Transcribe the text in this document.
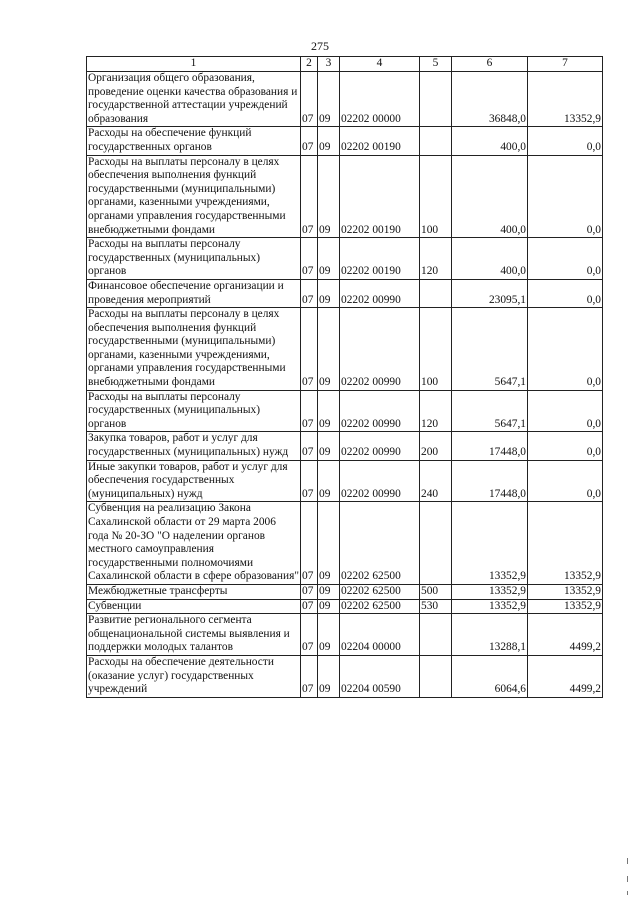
275
1	2	3	4	5	6	7
Организация общего образования, проведение оценки качества образования и государственной аттестации учреждений образования	07	09	02202 00000		36848,0	13352,9
Расходы на обеспечение функций государственных органов	07	09	02202 00190		400,0	0,0
Расходы на выплаты персоналу в целях обеспечения выполнения функций государственными (муниципальными) органами, казенными учреждениями, органами управления государственными внебюджетными фондами	07	09	02202 00190	100	400,0	0,0
Расходы на выплаты персоналу государственных (муниципальных) органов	07	09	02202 00190	120	400,0	0,0
Финансовое обеспечение организации и проведения мероприятий	07	09	02202 00990		23095,1	0,0
Расходы на выплаты персоналу в целях обеспечения выполнения функций государственными (муниципальными) органами, казенными учреждениями, органами управления государственными внебюджетными фондами	07	09	02202 00990	100	5647,1	0,0
Расходы на выплаты персоналу государственных (муниципальных) органов	07	09	02202 00990	120	5647,1	0,0
Закупка товаров, работ и услуг для государственных (муниципальных) нужд	07	09	02202 00990	200	17448,0	0,0
Иные закупки товаров, работ и услуг для обеспечения государственных (муниципальных) нужд	07	09	02202 00990	240	17448,0	0,0
Субвенция на реализацию Закона Сахалинской области от 29 марта 2006 года № 20-ЗО "О наделении органов местного самоуправления государственными полномочиями Сахалинской области в сфере образования"	07	09	02202 62500		13352,9	13352,9
Межбюджетные трансферты	07	09	02202 62500	500	13352,9	13352,9
Субвенции	07	09	02202 62500	530	13352,9	13352,9
Развитие регионального сегмента общенациональной системы выявления и поддержки молодых талантов	07	09	02204 00000		13288,1	4499,2
Расходы на обеспечение деятельности (оказание услуг) государственных учреждений	07	09	02204 00590		6064,6	4499,2
